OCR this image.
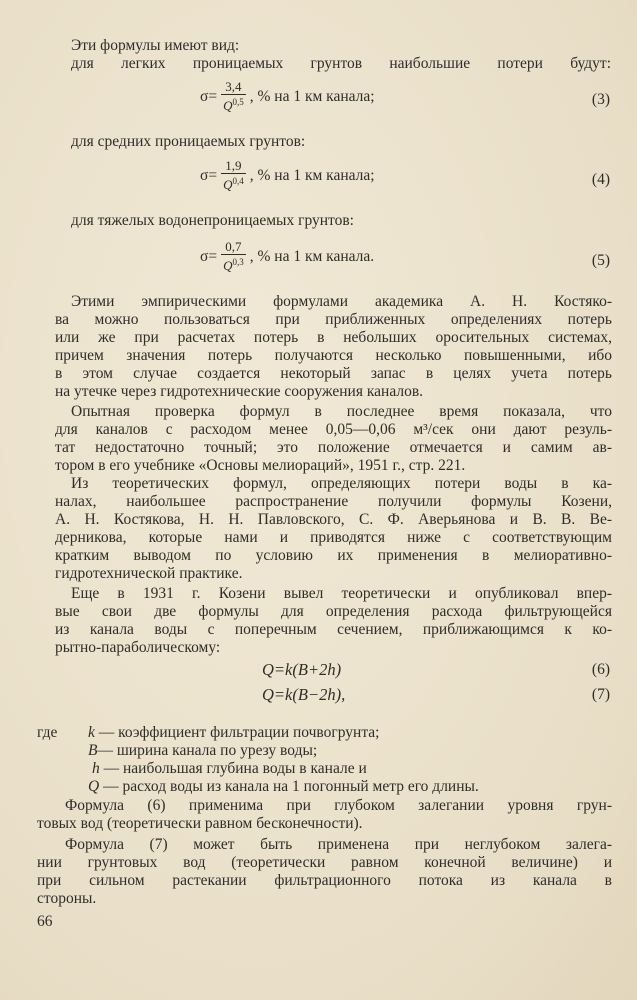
Эти формулы имеют вид:
для легких проницаемых грунтов наибольшие потери будут:
$\sigma= \frac{3,4}{Q^{0,5}}$ , % на 1 км канала;	(3)
для средних проницаемых грунтов:
$\sigma= \frac{1,9}{Q^{0,4}}$ , % на 1 км канала;	(4)
для тяжелых водонепроницаемых грунтов:
$\sigma= \frac{0,7}{Q^{0,3}}$ , % на 1 км канала.	(5)
Этими эмпирическими формулами академика А. Н. Костяко-
ва можно пользоваться при приближенных определениях потерь
или же при расчетах потерь в небольших оросительных системах,
причем значения потерь получаются несколько повышенными, ибо
в этом случае создается некоторый запас в целях учета потерь
на утечке через гидротехнические сооружения каналов.
Опытная проверка формул в последнее время показала, что
для каналов с расходом менее 0,05—0,06 м³/сек они дают резуль-
тат недостаточно точный; это положение отмечается и самим ав-
тором в его учебнике «Основы мелиораций», 1951 г., стр. 221.
Из теоретических формул, определяющих потери воды в ка-
налах, наибольшее распространение получили формулы Козени,
А. Н. Костякова, Н. Н. Павловского, С. Ф. Аверьянова и В. В. Ве-
дерникова, которые нами и приводятся ниже с соответствующим
кратким выводом по условию их применения в мелиоративно-
гидротехнической практике.
Еще в 1931 г. Козени вывел теоретически и опубликовал впер-
вые свои две формулы для определения расхода фильтрующейся
из канала воды с поперечным сечением, приближающимся к ко-
рытно-параболическому:
Q=k(B+2h)	(6)
Q=k(B−2h),	(7)
где k — коэффициент фильтрации почвогрунта;
B— ширина канала по урезу воды;
h — наибольшая глубина воды в канале и
Q — расход воды из канала на 1 погонный метр его длины.
Формула (6) применима при глубоком залегании уровня грун-
товых вод (теоретически равном бесконечности).
Формула (7) может быть применена при неглубоком залега-
нии грунтовых вод (теоретически равном конечной величине) и
при сильном растекании фильтрационного потока из канала в
стороны.
66
